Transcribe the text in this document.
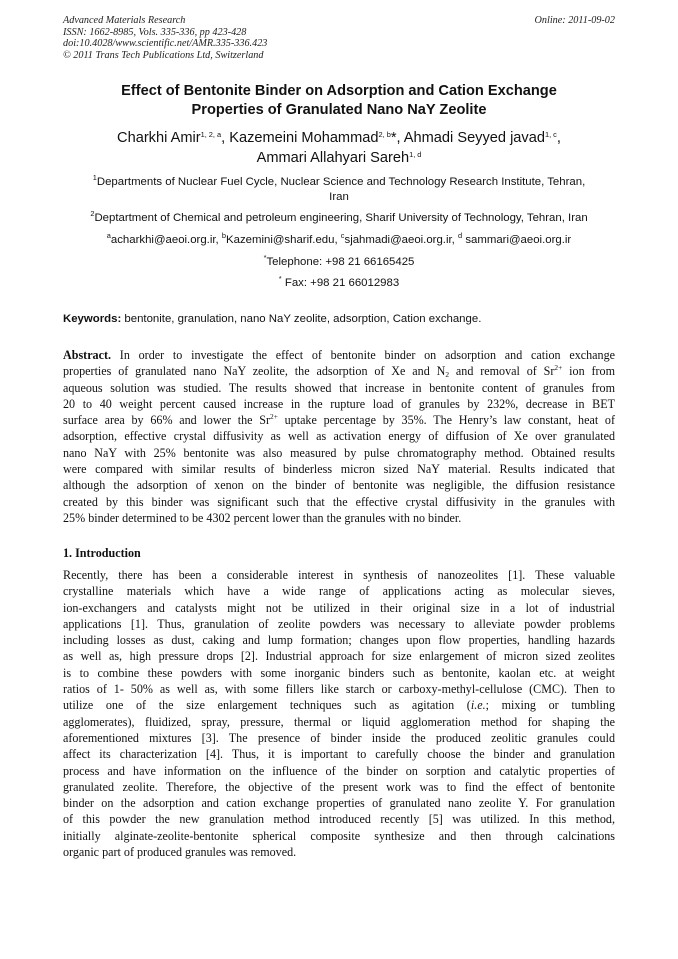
Advanced Materials Research
ISSN: 1662-8985, Vols. 335-336, pp 423-428
doi:10.4028/www.scientific.net/AMR.335-336.423
© 2011 Trans Tech Publications Ltd, Switzerland
Online: 2011-09-02
Effect of Bentonite Binder on Adsorption and Cation Exchange
Properties of Granulated Nano NaY Zeolite
Charkhi Amir$^{1, 2, a}$, Kazemeini Mohammad$^{2, b}$*, Ahmadi Seyyed javad$^{1, c}$,
Ammari Allahyari Sareh$^{1, d}$
$^1$Departments of Nuclear Fuel Cycle, Nuclear Science and Technology Research Institute, Tehran,
Iran
$^2$Deptartment of Chemical and petroleum engineering, Sharif University of Technology, Tehran, Iran
$^a$acharkhi@aeoi.org.ir, $^b$Kazemini@sharif.edu, $^c$sjahmadi@aeoi.org.ir, $^d$ sammari@aeoi.org.ir
*Telephone: +98 21 66165425
* Fax: +98 21 66012983
Keywords: bentonite, granulation, nano NaY zeolite, adsorption, Cation exchange.
Abstract. In order to investigate the effect of bentonite binder on adsorption and cation exchange
properties of granulated nano NaY zeolite, the adsorption of Xe and $N_2$ and removal of $Sr^{2+}$ ion from
aqueous solution was studied. The results showed that increase in bentonite content of granules from
20 to 40 weight percent caused increase in the rupture load of granules by 232%, decrease in BET
surface area by 66% and lower the $Sr^{2+}$ uptake percentage by 35%. The Henry’s law constant, heat of
adsorption, effective crystal diffusivity as well as activation energy of diffusion of Xe over granulated
nano NaY with 25% bentonite was also measured by pulse chromatography method. Obtained results
were compared with similar results of binderless micron sized NaY material. Results indicated that
although the adsorption of xenon on the binder of bentonite was negligible, the diffusion resistance
created by this binder was significant such that the effective crystal diffusivity in the granules with
25% binder determined to be 4302 percent lower than the granules with no binder.
1. Introduction
Recently, there has been a considerable interest in synthesis of nanozeolites [1]. These valuable
crystalline materials which have a wide range of applications acting as molecular sieves,
ion-exchangers and catalysts might not be utilized in their original size in a lot of industrial
applications [1]. Thus, granulation of zeolite powders was necessary to alleviate powder problems
including losses as dust, caking and lump formation; changes upon flow properties, handling hazards
as well as, high pressure drops [2]. Industrial approach for size enlargement of micron sized zeolites
is to combine these powders with some inorganic binders such as bentonite, kaolan etc. at weight
ratios of 1- 50% as well as, with some fillers like starch or carboxy-methyl-cellulose (CMC). Then to
utilize one of the size enlargement techniques such as agitation (i.e.; mixing or tumbling
agglomerates), fluidized, spray, pressure, thermal or liquid agglomeration method for shaping the
aforementioned mixtures [3]. The presence of binder inside the produced zeolitic granules could
affect its characterization [4]. Thus, it is important to carefully choose the binder and granulation
process and have information on the influence of the binder on sorption and catalytic properties of
granulated zeolite. Therefore, the objective of the present work was to find the effect of bentonite
binder on the adsorption and cation exchange properties of granulated nano zeolite Y. For granulation
of this powder the new granulation method introduced recently [5] was utilized. In this method,
initially alginate-zeolite-bentonite spherical composite synthesize and then through calcinations
organic part of produced granules was removed.
